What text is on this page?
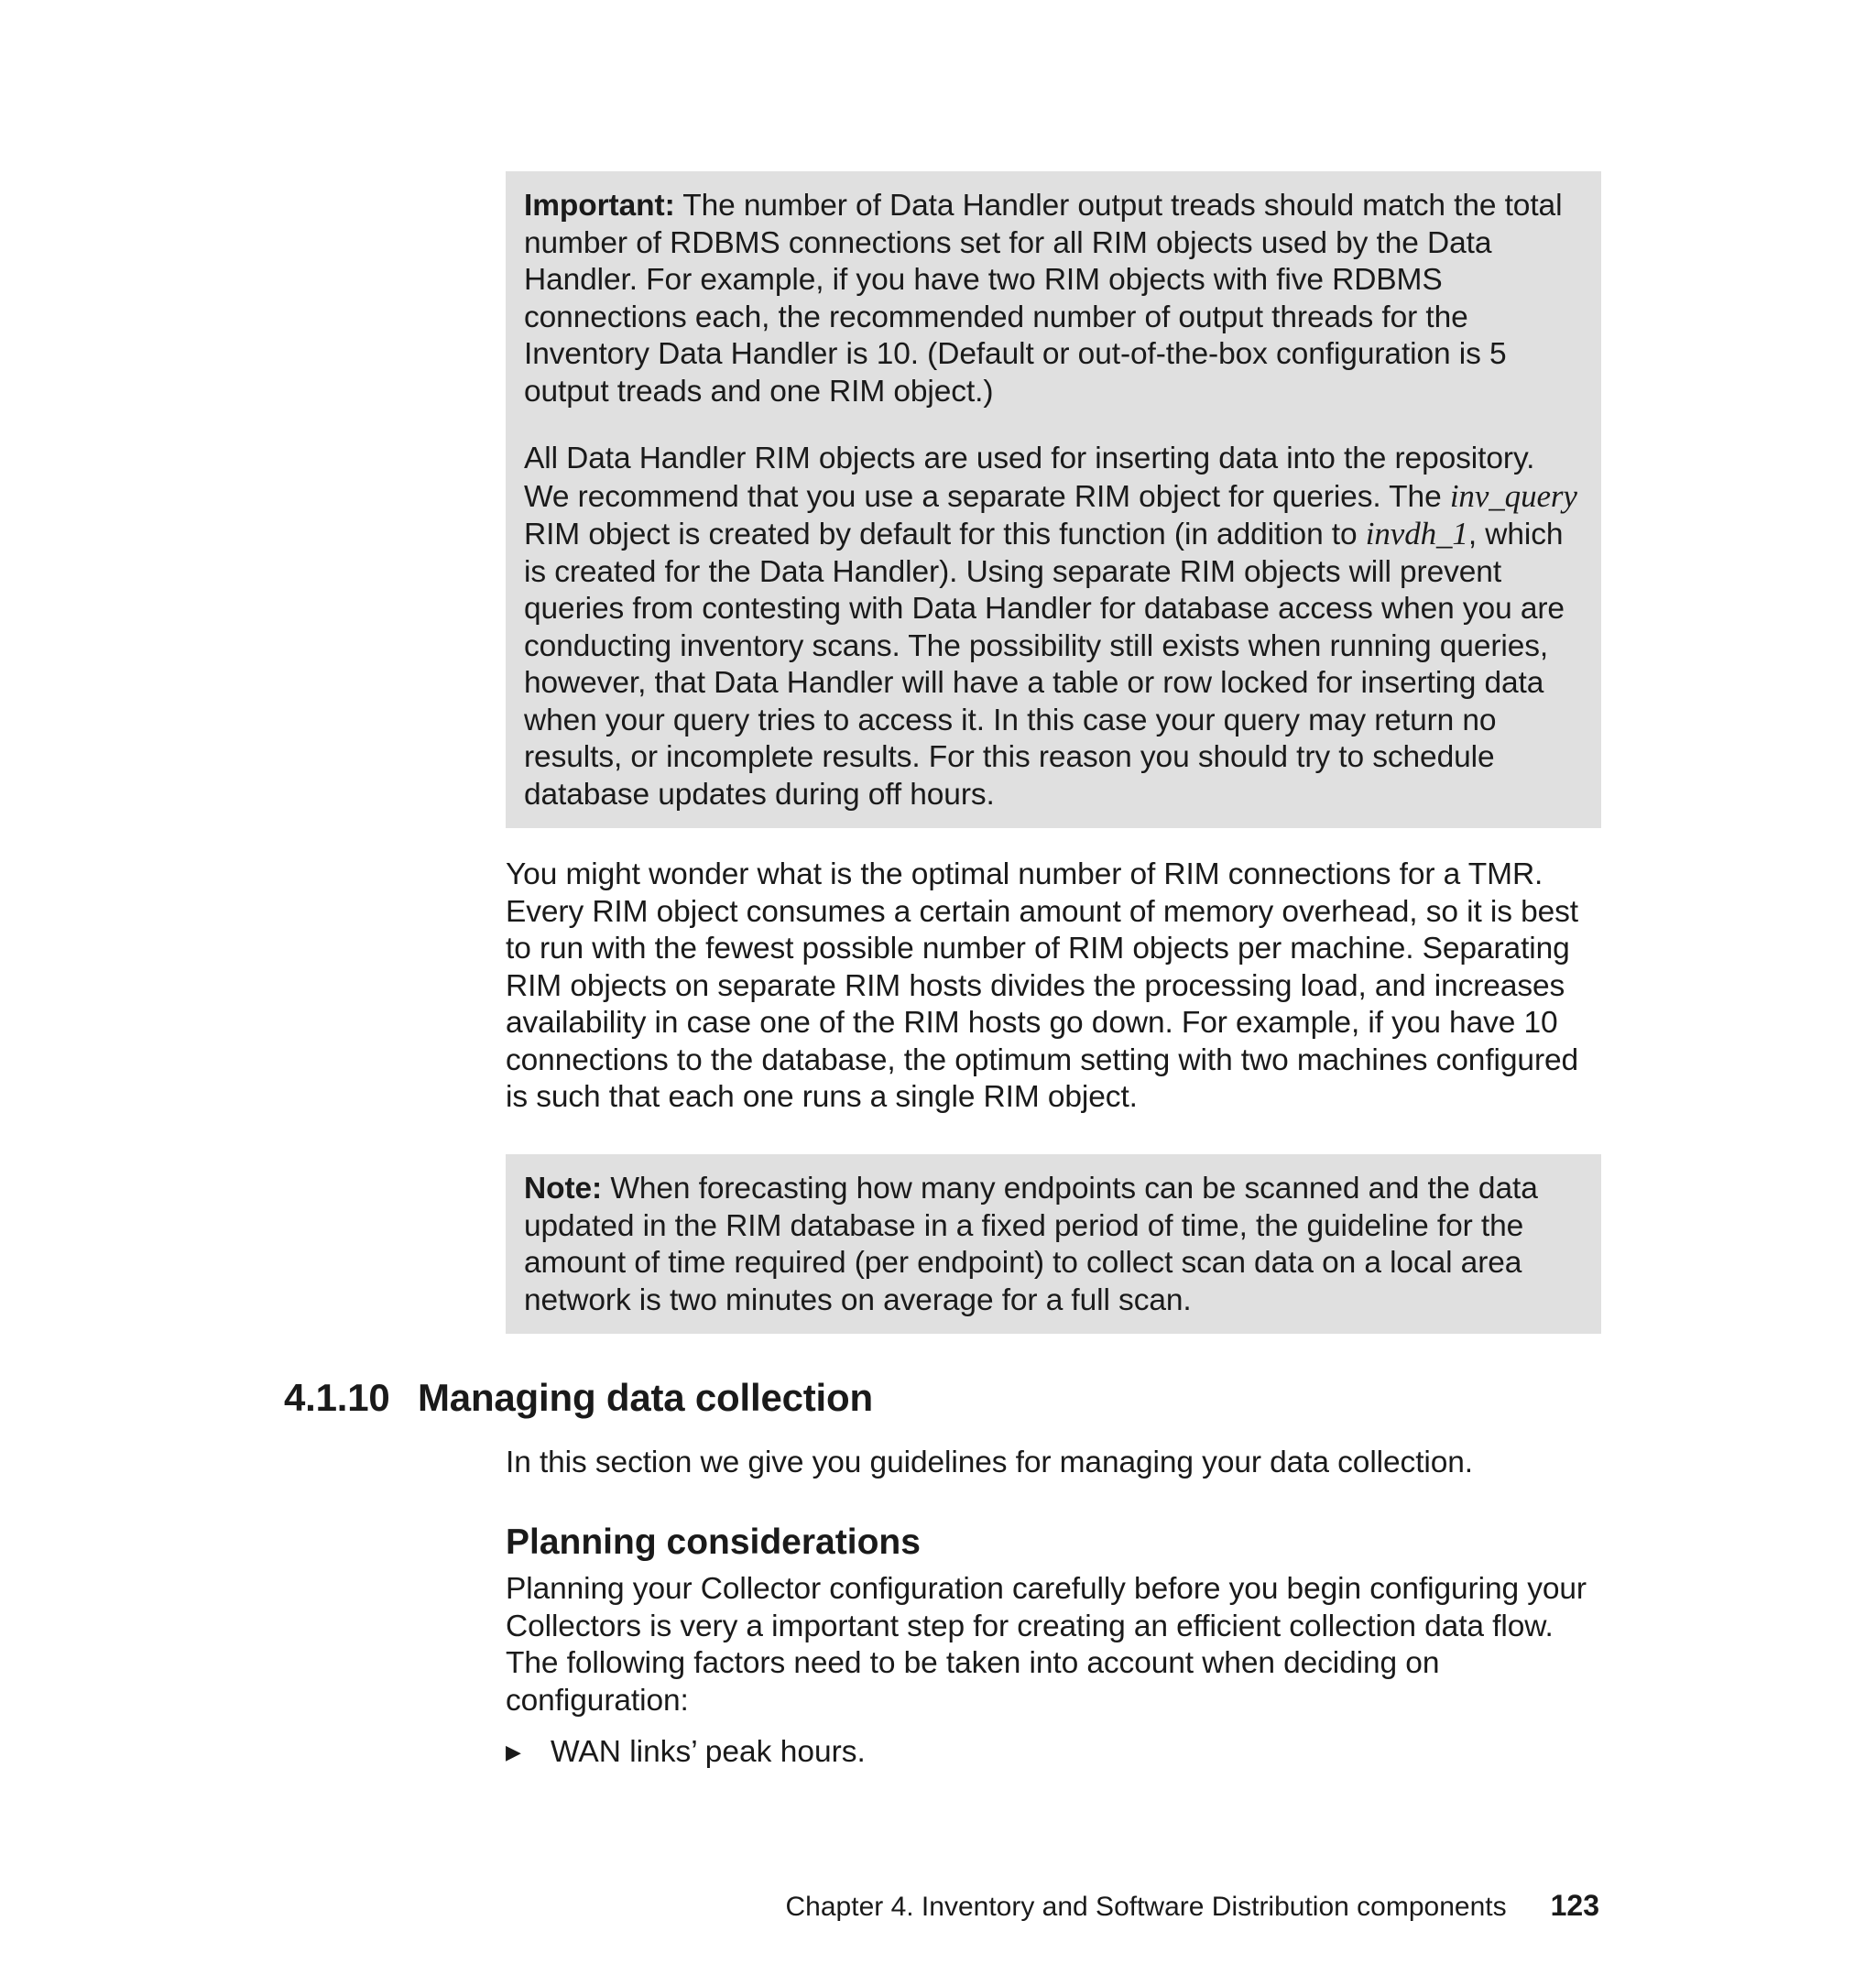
Important: The number of Data Handler output treads should match the total number of RDBMS connections set for all RIM objects used by the Data Handler. For example, if you have two RIM objects with five RDBMS connections each, the recommended number of output threads for the Inventory Data Handler is 10. (Default or out-of-the-box configuration is 5 output treads and one RIM object.)

All Data Handler RIM objects are used for inserting data into the repository. We recommend that you use a separate RIM object for queries. The inv_query RIM object is created by default for this function (in addition to invdh_1, which is created for the Data Handler). Using separate RIM objects will prevent queries from contesting with Data Handler for database access when you are conducting inventory scans. The possibility still exists when running queries, however, that Data Handler will have a table or row locked for inserting data when your query tries to access it. In this case your query may return no results, or incomplete results. For this reason you should try to schedule database updates during off hours.

You might wonder what is the optimal number of RIM connections for a TMR. Every RIM object consumes a certain amount of memory overhead, so it is best to run with the fewest possible number of RIM objects per machine. Separating RIM objects on separate RIM hosts divides the processing load, and increases availability in case one of the RIM hosts go down. For example, if you have 10 connections to the database, the optimum setting with two machines configured is such that each one runs a single RIM object.

Note: When forecasting how many endpoints can be scanned and the data updated in the RIM database in a fixed period of time, the guideline for the amount of time required (per endpoint) to collect scan data on a local area network is two minutes on average for a full scan.

4.1.10 Managing data collection

In this section we give you guidelines for managing your data collection.

Planning considerations

Planning your Collector configuration carefully before you begin configuring your Collectors is very a important step for creating an efficient collection data flow. The following factors need to be taken into account when deciding on configuration:

▶ WAN links’ peak hours.
Chapter 4. Inventory and Software Distribution components 123
